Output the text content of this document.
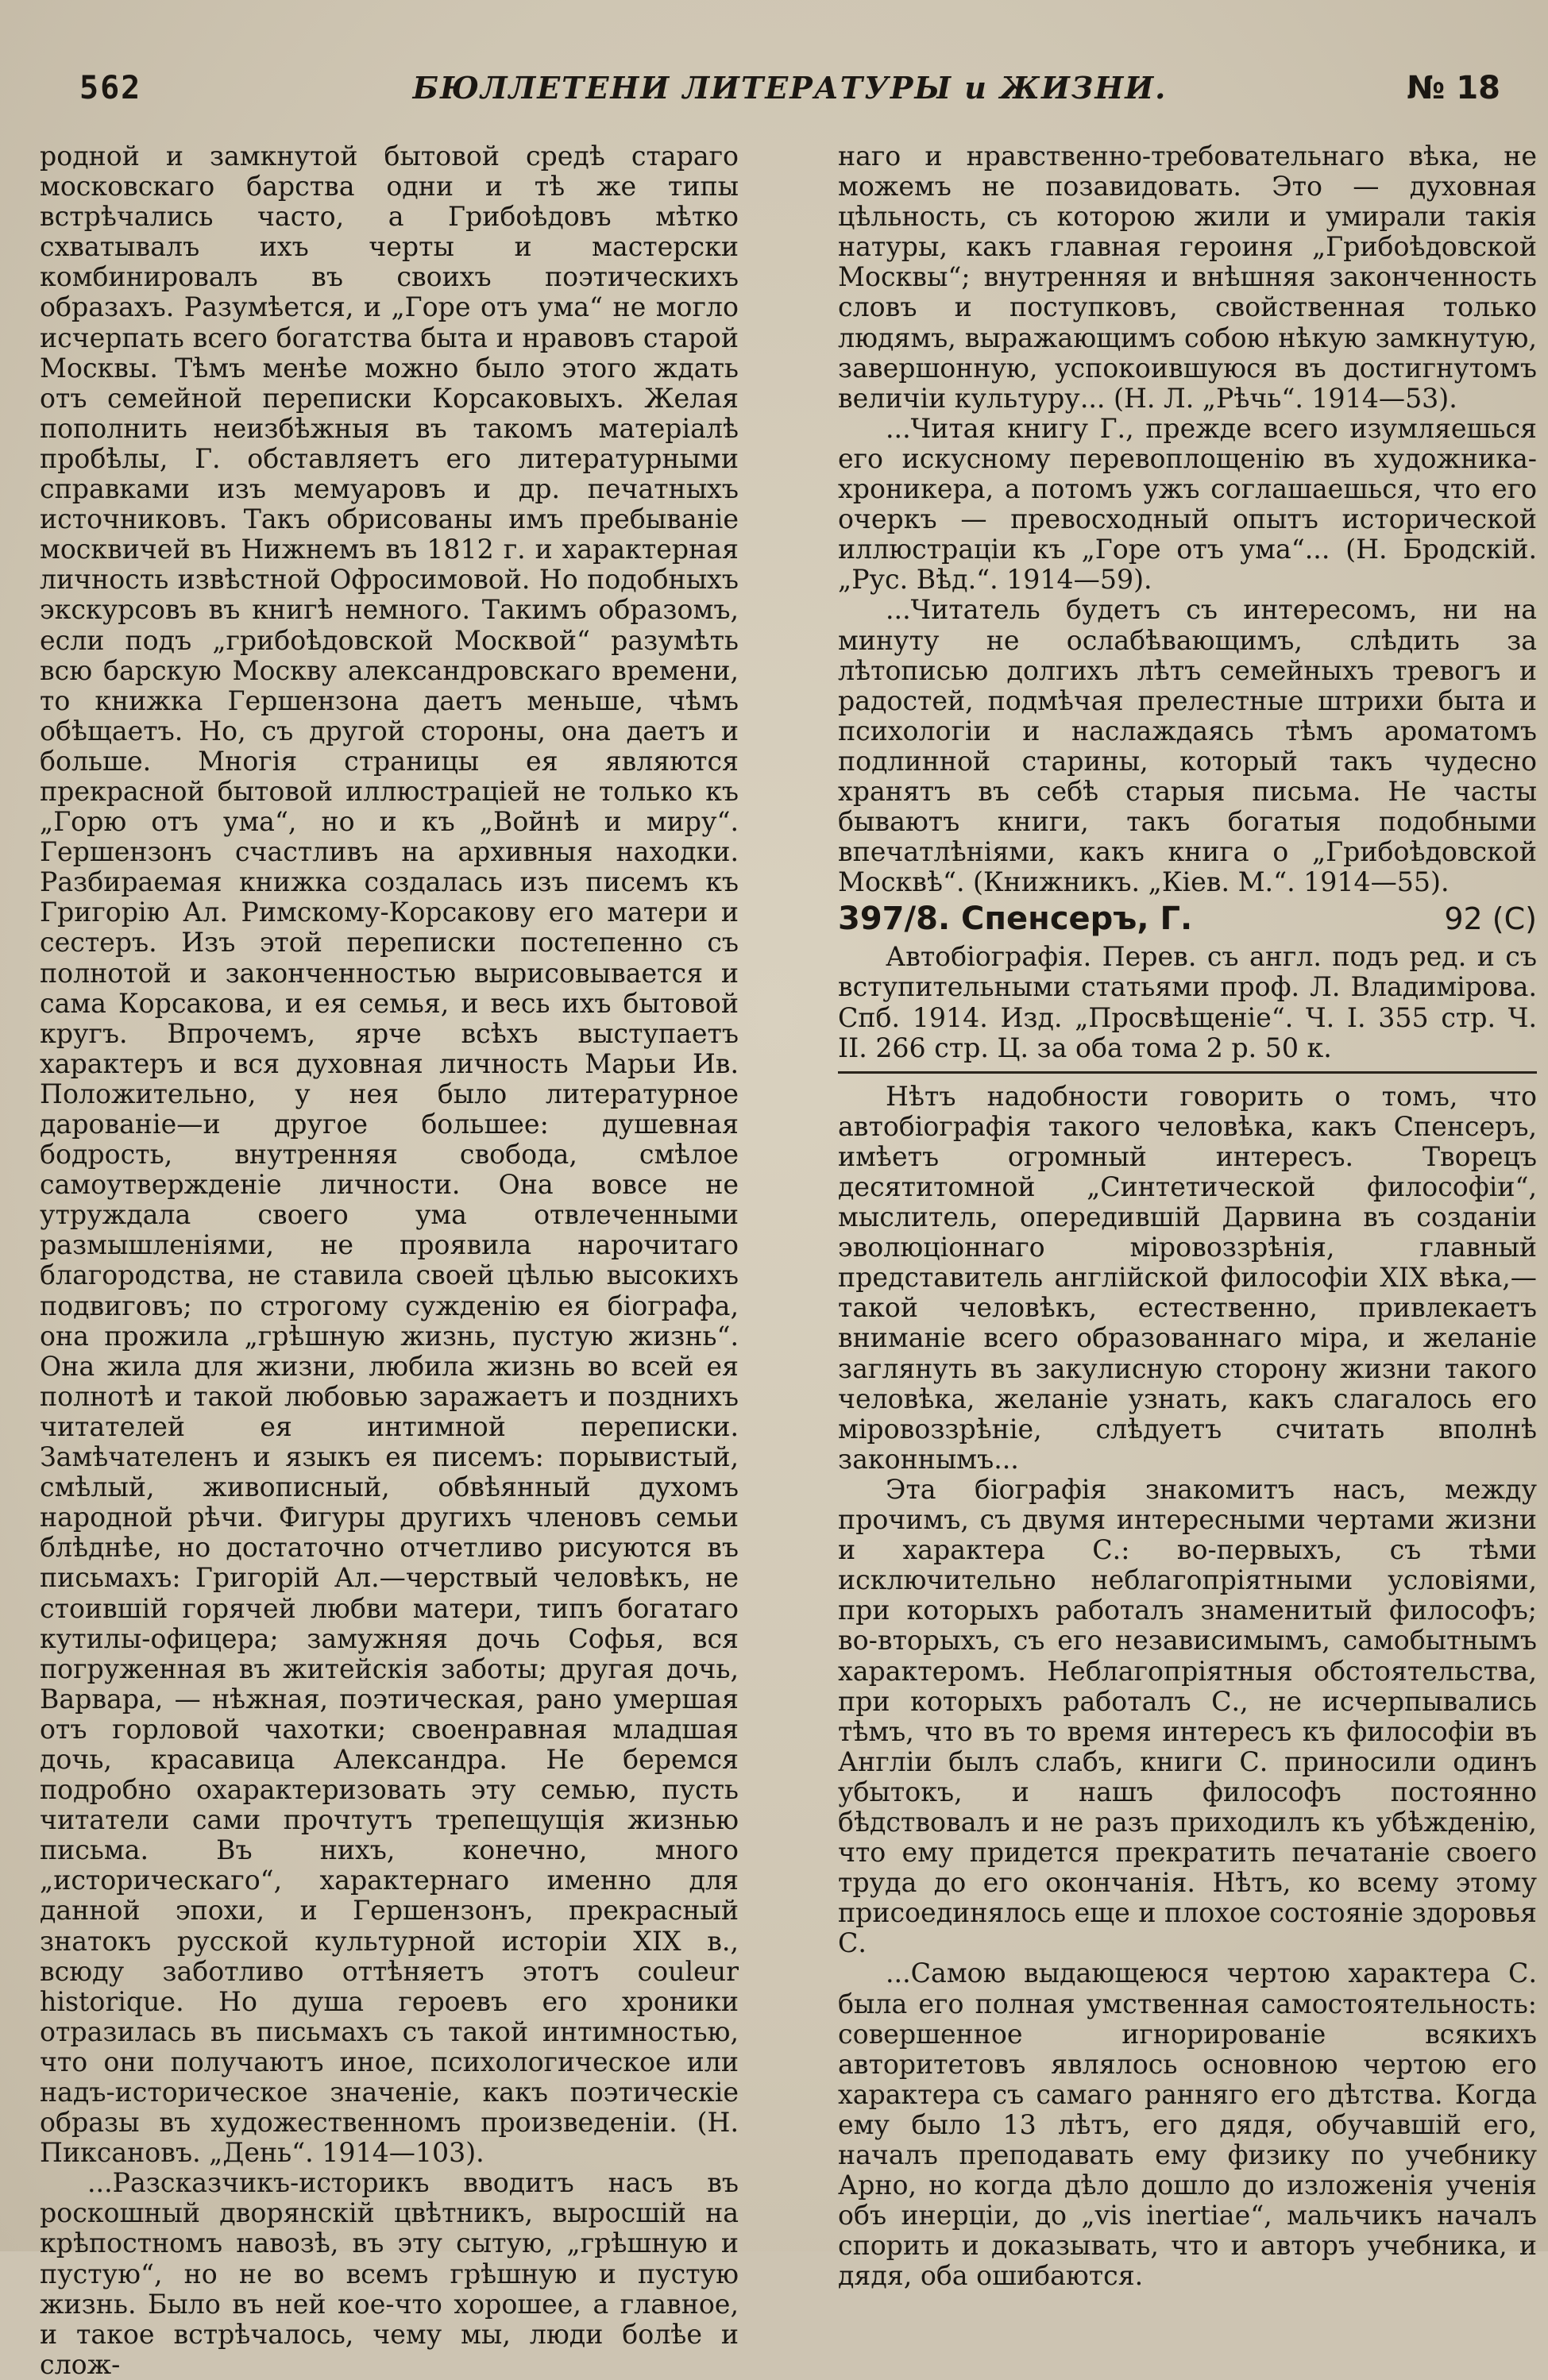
562	БЮЛЛЕТЕНИ ЛИТЕРАТУРЫ и ЖИЗНИ.	№ 18

родной и замкнутой бытовой средѣ стараго московскаго барства одни и тѣ же типы встрѣчались часто, а Грибоѣдовъ мѣтко схватывалъ ихъ черты и мастерски комбинировалъ въ своихъ поэтическихъ образахъ. Разумѣется, и „Горе отъ ума“ не могло исчерпать всего богатства быта и нравовъ старой Москвы. Тѣмъ менѣе можно было этого ждать отъ семейной переписки Корсаковыхъ. Желая пополнить неизбѣжныя въ такомъ матеріалѣ пробѣлы, Г. обставляетъ его литературными справками изъ мемуаровъ и др. печатныхъ источниковъ. Такъ обрисованы имъ пребываніе москвичей въ Нижнемъ въ 1812 г. и характерная личность извѣстной Офросимовой. Но подобныхъ экскурсовъ въ книгѣ немного. Такимъ образомъ, если подъ „грибоѣдовской Москвой“ разумѣть всю барскую Москву александровскаго времени, то книжка Гершензона даетъ меньше, чѣмъ обѣщаетъ. Но, съ другой стороны, она даетъ и больше. Многія страницы ея являются прекрасной бытовой иллюстраціей не только къ „Горю отъ ума“, но и къ „Войнѣ и миру“. Гершензонъ счастливъ на архивныя находки. Разбираемая книжка создалась изъ писемъ къ Григорію Ал. Римскому-Корсакову его матери и сестеръ. Изъ этой переписки постепенно съ полнотой и законченностью вырисовывается и сама Корсакова, и ея семья, и весь ихъ бытовой кругъ. Впрочемъ, ярче всѣхъ выступаетъ характеръ и вся духовная личность Марьи Ив. Положительно, у нея было литературное дарованіе—и другое большее: душевная бодрость, внутренняя свобода, смѣлое самоутвержденіе личности. Она вовсе не утруждала своего ума отвлеченными размышленіями, не проявила нарочитаго благородства, не ставила своей цѣлью высокихъ подвиговъ; по строгому сужденію ея біографа, она прожила „грѣшную жизнь, пустую жизнь“. Она жила для жизни, любила жизнь во всей ея полнотѣ и такой любовью заражаетъ и позднихъ читателей ея интимной переписки. Замѣчателенъ и языкъ ея писемъ: порывистый, смѣлый, живописный, обвѣянный духомъ народной рѣчи. Фигуры другихъ членовъ семьи блѣднѣе, но достаточно отчетливо рисуются въ письмахъ: Григорій Ал.—черствый человѣкъ, не стоившій горячей любви матери, типъ богатаго кутилы-офицера; замужняя дочь Софья, вся погруженная въ житейскія заботы; другая дочь, Варвара, — нѣжная, поэтическая, рано умершая отъ горловой чахотки; своенравная младшая дочь, красавица Александра. Не беремся подробно охарактеризовать эту семью, пусть читатели сами прочтутъ трепещущія жизнью письма. Въ нихъ, конечно, много „историческаго“, характернаго именно для данной эпохи, и Гершензонъ, прекрасный знатокъ русской культурной исторіи XIX в., всюду заботливо оттѣняетъ этотъ couleur historique. Но душа героевъ его хроники отразилась въ письмахъ съ такой интимностью, что они получаютъ иное, психологическое или надъ-историческое значеніе, какъ поэтическіе образы въ художественномъ произведеніи. (Н. Пиксановъ. „День“. 1914—103).

...Разсказчикъ-историкъ вводитъ насъ въ роскошный дворянскій цвѣтникъ, выросшій на крѣпостномъ навозѣ, въ эту сытую, „грѣшную и пустую“, но не во всемъ грѣшную и пустую жизнь. Было въ ней кое-что хорошее, а главное, и такое встрѣчалось, чему мы, люди болѣе и слож-

наго и нравственно-требовательнаго вѣка, не можемъ не позавидовать. Это — духовная цѣльность, съ которою жили и умирали такія натуры, какъ главная героиня „Грибоѣдовской Москвы“; внутренняя и внѣшняя законченность словъ и поступковъ, свойственная только людямъ, выражающимъ собою нѣкую замкнутую, завершонную, успокоившуюся въ достигнутомъ величіи культуру... (Н. Л. „Рѣчь“. 1914—53).

...Читая книгу Г., прежде всего изумляешься его искусному перевоплощенію въ художника-хроникера, а потомъ ужъ соглашаешься, что его очеркъ — превосходный опытъ исторической иллюстраціи къ „Горе отъ ума“... (Н. Бродскій. „Рус. Вѣд.“. 1914—59).

...Читатель будетъ съ интересомъ, ни на минуту не ослабѣвающимъ, слѣдить за лѣтописью долгихъ лѣтъ семейныхъ тревогъ и радостей, подмѣчая прелестные штрихи быта и психологіи и наслаждаясь тѣмъ ароматомъ подлинной старины, который такъ чудесно хранятъ въ себѣ старыя письма. Не часты бываютъ книги, такъ богатыя подобными впечатлѣніями, какъ книга о „Грибоѣдовской Москвѣ“. (Книжникъ. „Кiев. М.“. 1914—55).

397/8. Спенсеръ, Г.	92 (С)

Автобіографія. Перев. съ англ. подъ ред. и съ вступительными статьями проф. Л. Владимірова. Спб. 1914. Изд. „Просвѣщеніе“. Ч. I. 355 стр. Ч. II. 266 стр. Ц. за оба тома 2 р. 50 к.

Нѣтъ надобности говорить о томъ, что автобіографія такого человѣка, какъ Спенсеръ, имѣетъ огромный интересъ. Творецъ десятитомной „Синтетической философіи“, мыслитель, опередившій Дарвина въ созданіи эволюціоннаго міровоззрѣнія, главный представитель англійской философіи XIX вѣка,—такой человѣкъ, естественно, привлекаетъ вниманіе всего образованнаго міра, и желаніе заглянуть въ закулисную сторону жизни такого человѣка, желаніе узнать, какъ слагалось его міровоззрѣніе, слѣдуетъ считать вполнѣ законнымъ...

Эта біографія знакомитъ насъ, между прочимъ, съ двумя интересными чертами жизни и характера С.: во-первыхъ, съ тѣми исключительно неблагопріятными условіями, при которыхъ работалъ знаменитый философъ; во-вторыхъ, съ его независимымъ, самобытнымъ характеромъ. Неблагопріятныя обстоятельства, при которыхъ работалъ С., не исчерпывались тѣмъ, что въ то время интересъ къ философіи въ Англіи былъ слабъ, книги С. приносили одинъ убытокъ, и нашъ философъ постоянно бѣдствовалъ и не разъ приходилъ къ убѣжденію, что ему придется прекратить печатаніе своего труда до его окончанія. Нѣтъ, ко всему этому присоединялось еще и плохое состояніе здоровья С.

...Самою выдающеюся чертою характера С. была его полная умственная самостоятельность: совершенное игнорированіе всякихъ авторитетовъ являлось основною чертою его характера съ самаго ранняго его дѣтства. Когда ему было 13 лѣтъ, его дядя, обучавшій его, началъ преподавать ему физику по учебнику Арно, но когда дѣло дошло до изложенія ученія объ инерціи, до „vis inertiae“, мальчикъ началъ спорить и доказывать, что и авторъ учебника, и дядя, оба ошибаются.
